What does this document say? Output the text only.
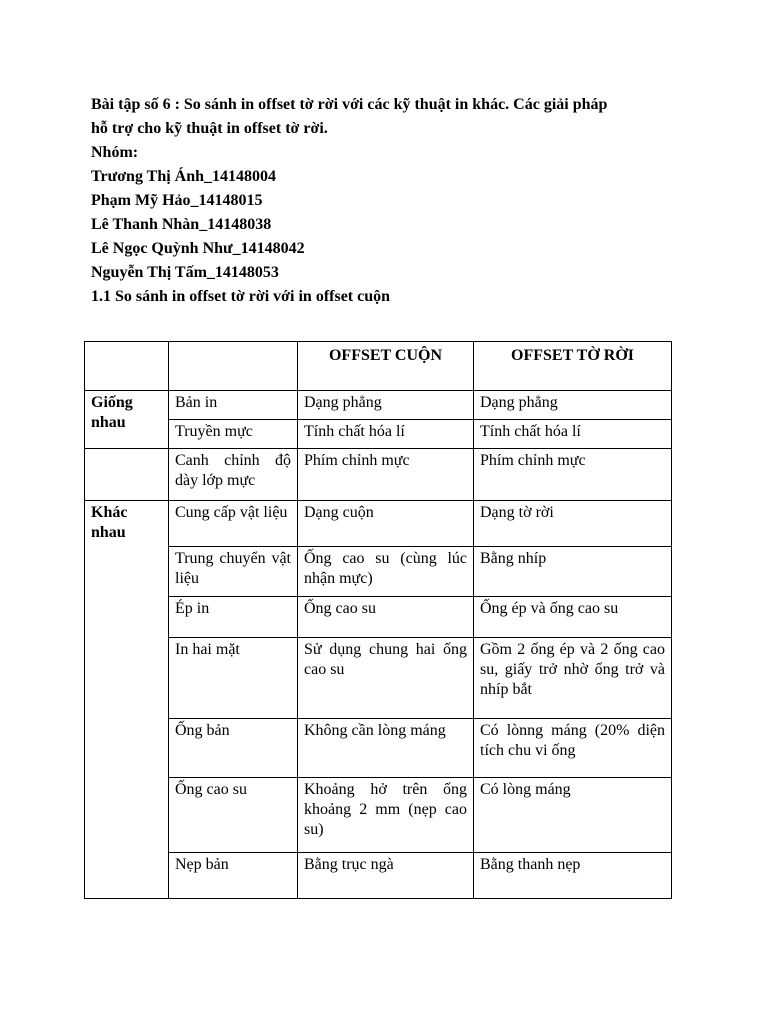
Bài tập số 6 : So sánh in offset tờ rời với các kỹ thuật in khác. Các giải pháp
hỗ trợ cho kỹ thuật in offset tờ rời.
Nhóm:
Trương Thị Ánh_14148004
Phạm Mỹ Hảo_14148015
Lê Thanh Nhàn_14148038
Lê Ngọc Quỳnh Như_14148042
Nguyễn Thị Tấm_14148053
1.1 So sánh in offset tờ rời với in offset cuộn
		OFFSET CUỘN	OFFSET TỜ RỜI
Giống nhau	Bản in	Dạng phẳng	Dạng phẳng
	Truyền mực	Tính chất hóa lí	Tính chất hóa lí
	Canh chỉnh độ dày lớp mực	Phím chỉnh mực	Phím chỉnh mực
Khác nhau	Cung cấp vật liệu	Dạng cuộn	Dạng tờ rời
	Trung chuyển vật liệu	Ống cao su (cùng lúc nhận mực)	Bằng nhíp
	Ép in	Ống cao su	Ống ép và ống cao su
	In hai mặt	Sử dụng chung hai ống cao su	Gồm 2 ống ép và 2 ống cao su, giấy trở nhờ ống trở và nhíp bắt
	Ống bản	Không cần lòng máng	Có lònng máng (20% diện tích chu vi ống
	Ống cao su	Khoảng hở trên ống khoảng 2 mm (nẹp cao su)	Có lòng máng
	Nẹp bản	Bằng trục ngà	Bằng thanh nẹp
